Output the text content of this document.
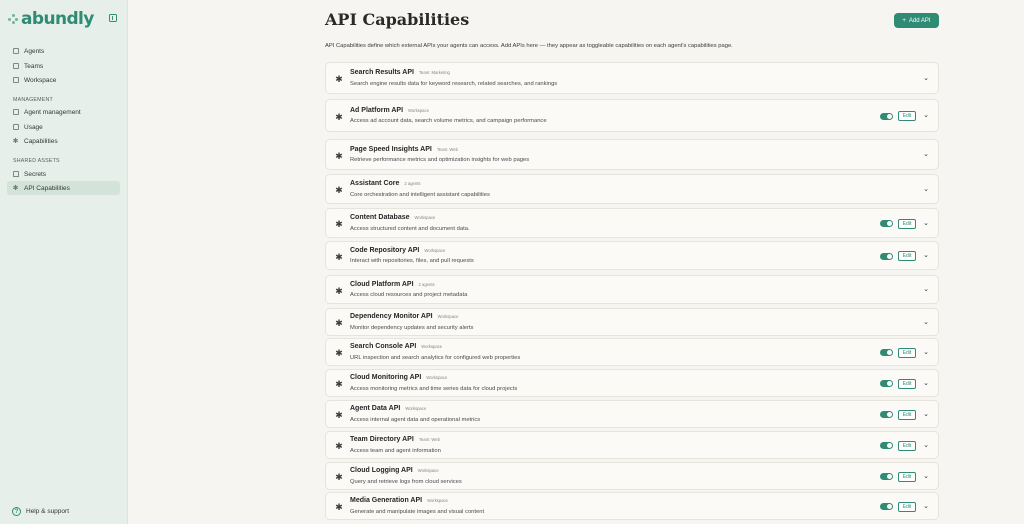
abundly
Agents
Teams
Workspace
MANAGEMENT
Agent management
Usage
✱ Capabilities
SHARED ASSETS
Secrets
✱ API Capabilities
?	Help & support
API Capabilities	+ Add API
API Capabilities define which external APIs your agents can access. Add APIs here — they appear as toggleable capabilities on each agent's capabilities page.
✱
Search Results API Team: Marketing
Search engine results data for keyword research, related searches, and rankings
⌄
✱
Ad Platform API Workspace
Access ad account data, search volume metrics, and campaign performance
Edit	⌄
✱
Page Speed Insights API Team: Web
Retrieve performance metrics and optimization insights for web pages
⌄
✱
Assistant Core 2 agents
Core orchestration and intelligent assistant capabilities
⌄
✱
Content Database Workspace
Access structured content and document data.
Edit	⌄
✱
Code Repository API Workspace
Interact with repositories, files, and pull requests
Edit	⌄
✱
Cloud Platform API 2 agents
Access cloud resources and project metadata
⌄
✱
Dependency Monitor API Workspace
Monitor dependency updates and security alerts
⌄
✱
Search Console API Workspace
URL inspection and search analytics for configured web properties
Edit	⌄
✱
Cloud Monitoring API Workspace
Access monitoring metrics and time series data for cloud projects
Edit	⌄
✱
Agent Data API Workspace
Access internal agent data and operational metrics
Edit	⌄
✱
Team Directory API Team: Web
Access team and agent information
Edit	⌄
✱
Cloud Logging API Workspace
Query and retrieve logs from cloud services
Edit	⌄
✱
Media Generation API Workspace
Generate and manipulate images and visual content
Edit	⌄
